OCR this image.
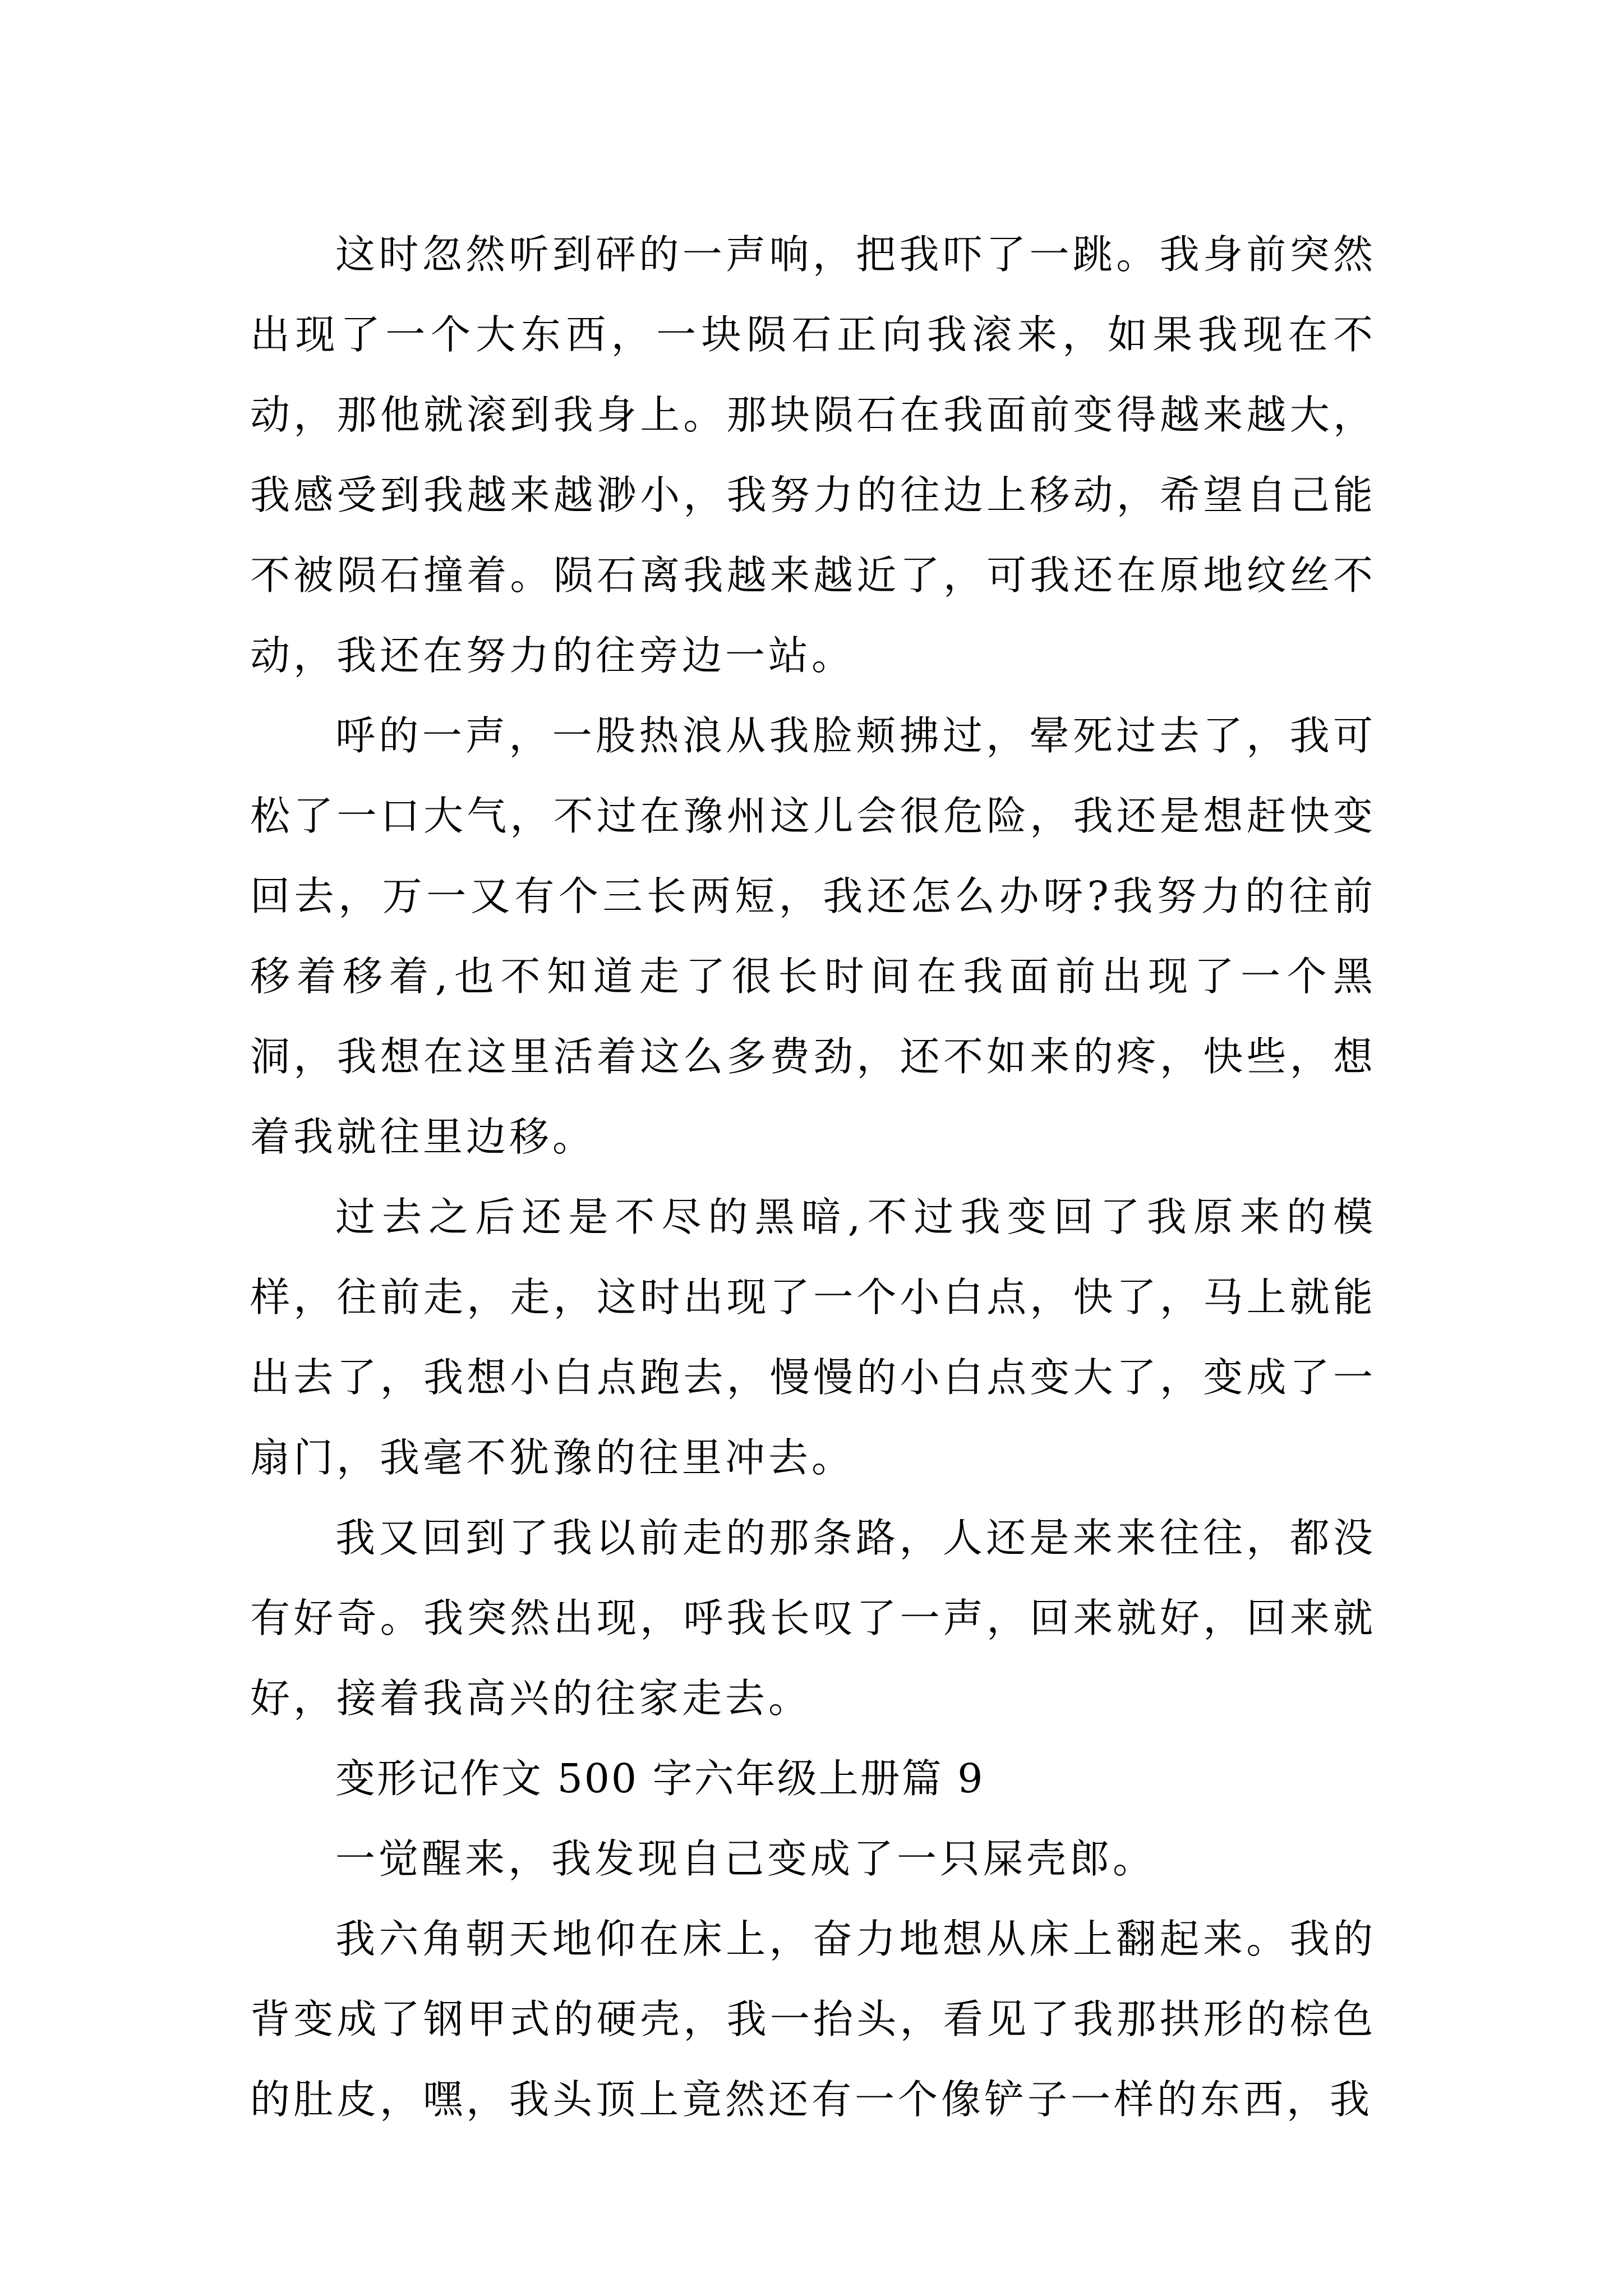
这时忽然听到砰的一声响，把我吓了一跳。我身前突然出现了一个大东西，一块陨石正向我滚来，如果我现在不动，那他就滚到我身上。那块陨石在我面前变得越来越大，我感受到我越来越渺小，我努力的往边上移动，希望自己能不被陨石撞着。陨石离我越来越近了，可我还在原地纹丝不动，我还在努力的往旁边一站。

呼的一声，一股热浪从我脸颊拂过，晕死过去了，我可松了一口大气，不过在豫州这儿会很危险，我还是想赶快变回去，万一又有个三长两短，我还怎么办呀?我努力的往前移着移着,也不知道走了很长时间在我面前出现了一个黑洞，我想在这里活着这么多费劲，还不如来的疼，快些，想着我就往里边移。

过去之后还是不尽的黑暗,不过我变回了我原来的模样，往前走，走，这时出现了一个小白点，快了，马上就能出去了，我想小白点跑去，慢慢的小白点变大了，变成了一扇门，我毫不犹豫的往里冲去。

我又回到了我以前走的那条路，人还是来来往往，都没有好奇。我突然出现，呼我长叹了一声，回来就好，回来就好，接着我高兴的往家走去。

变形记作文 500 字六年级上册篇 9

一觉醒来，我发现自己变成了一只屎壳郎。

我六角朝天地仰在床上，奋力地想从床上翻起来。我的背变成了钢甲式的硬壳，我一抬头，看见了我那拱形的棕色的肚皮，嘿，我头顶上竟然还有一个像铲子一样的东西，我
